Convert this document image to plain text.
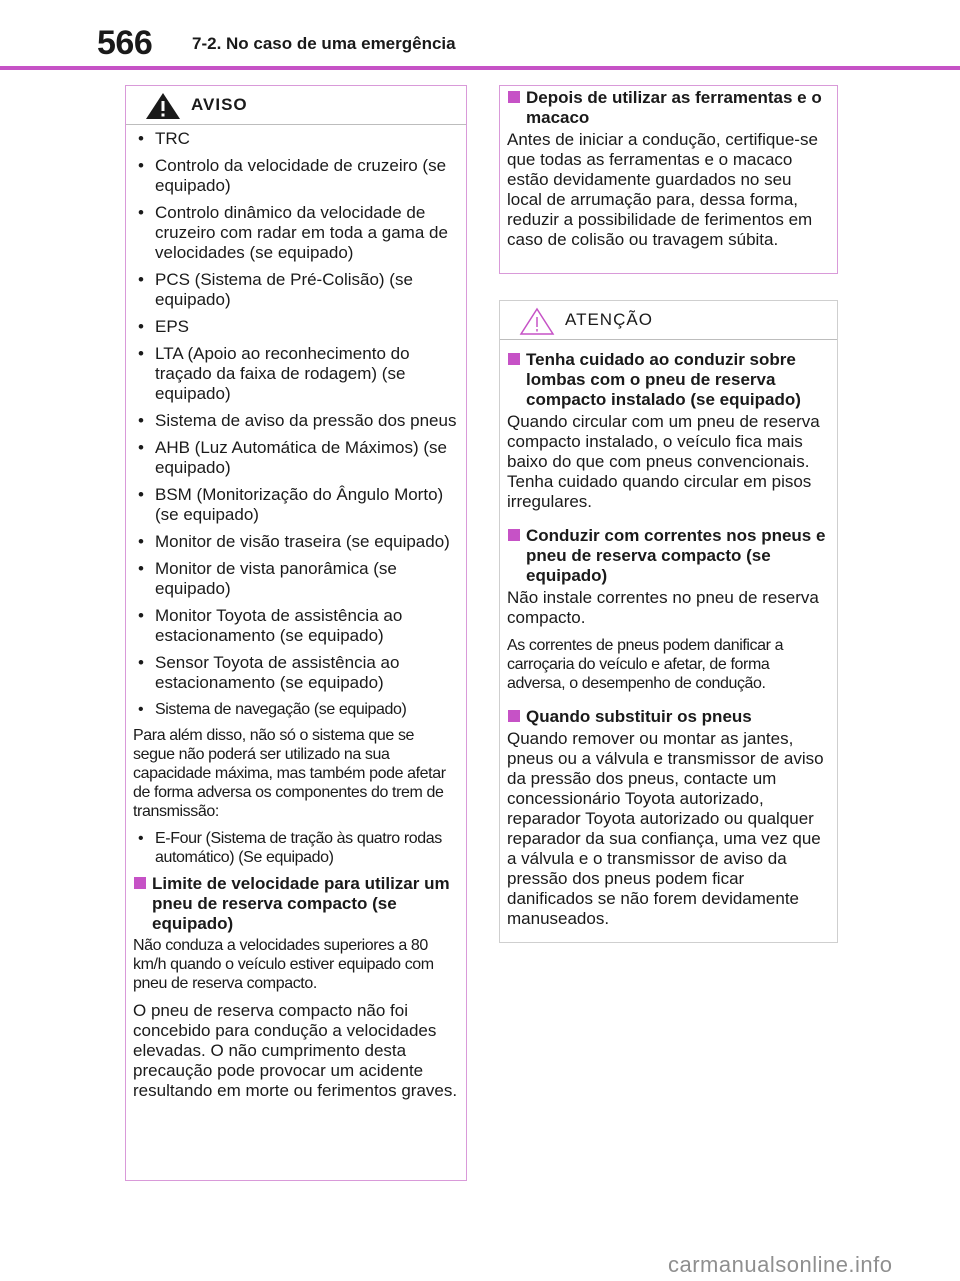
566 7-2. No caso de uma emergência
AVISO
• TRC
• Controlo da velocidade de cruzeiro (se equipado)
• Controlo dinâmico da velocidade de cruzeiro com radar em toda a gama de velocidades (se equipado)
• PCS (Sistema de Pré-Colisão) (se equipado)
• EPS
• LTA (Apoio ao reconhecimento do traçado da faixa de rodagem) (se equipado)
• Sistema de aviso da pressão dos pneus
• AHB (Luz Automática de Máximos) (se equipado)
• BSM (Monitorização do Ângulo Morto) (se equipado)
• Monitor de visão traseira (se equipado)
• Monitor de vista panorâmica (se equipado)
• Monitor Toyota de assistência ao estacionamento (se equipado)
• Sensor Toyota de assistência ao estacionamento (se equipado)
• Sistema de navegação (se equipado)

Para além disso, não só o sistema que se segue não poderá ser utilizado na sua capacidade máxima, mas também pode afetar de forma adversa os componentes do trem de transmissão:

• E-Four (Sistema de tração às quatro rodas automático) (Se equipado)
Limite de velocidade para utilizar um pneu de reserva compacto (se equipado)

Não conduza a velocidades superiores a 80 km/h quando o veículo estiver equipado com pneu de reserva compacto.

O pneu de reserva compacto não foi concebido para condução a velocidades elevadas. O não cumprimento desta precaução pode provocar um acidente resultando em morte ou ferimentos graves.

Depois de utilizar as ferramentas e o macaco

Antes de iniciar a condução, certifique-se que todas as ferramentas e o macaco estão devidamente guardados no seu local de arrumação para, dessa forma, reduzir a possibilidade de ferimentos em caso de colisão ou travagem súbita.

ATENÇÃO
Tenha cuidado ao conduzir sobre lombas com o pneu de reserva compacto instalado (se equipado)

Quando circular com um pneu de reserva compacto instalado, o veículo fica mais baixo do que com pneus convencionais. Tenha cuidado quando circular em pisos irregulares.

Conduzir com correntes nos pneus e pneu de reserva compacto (se equipado)

Não instale correntes no pneu de reserva compacto.

As correntes de pneus podem danificar a carroçaria do veículo e afetar, de forma adversa, o desempenho de condução.

Quando substituir os pneus

Quando remover ou montar as jantes, pneus ou a válvula e transmissor de aviso da pressão dos pneus, contacte um concessionário Toyota autorizado, reparador Toyota autorizado ou qualquer reparador da sua confiança, uma vez que a válvula e o transmissor de aviso da pressão dos pneus podem ficar danificados se não forem devidamente manuseados.

carmanualsonline.info
